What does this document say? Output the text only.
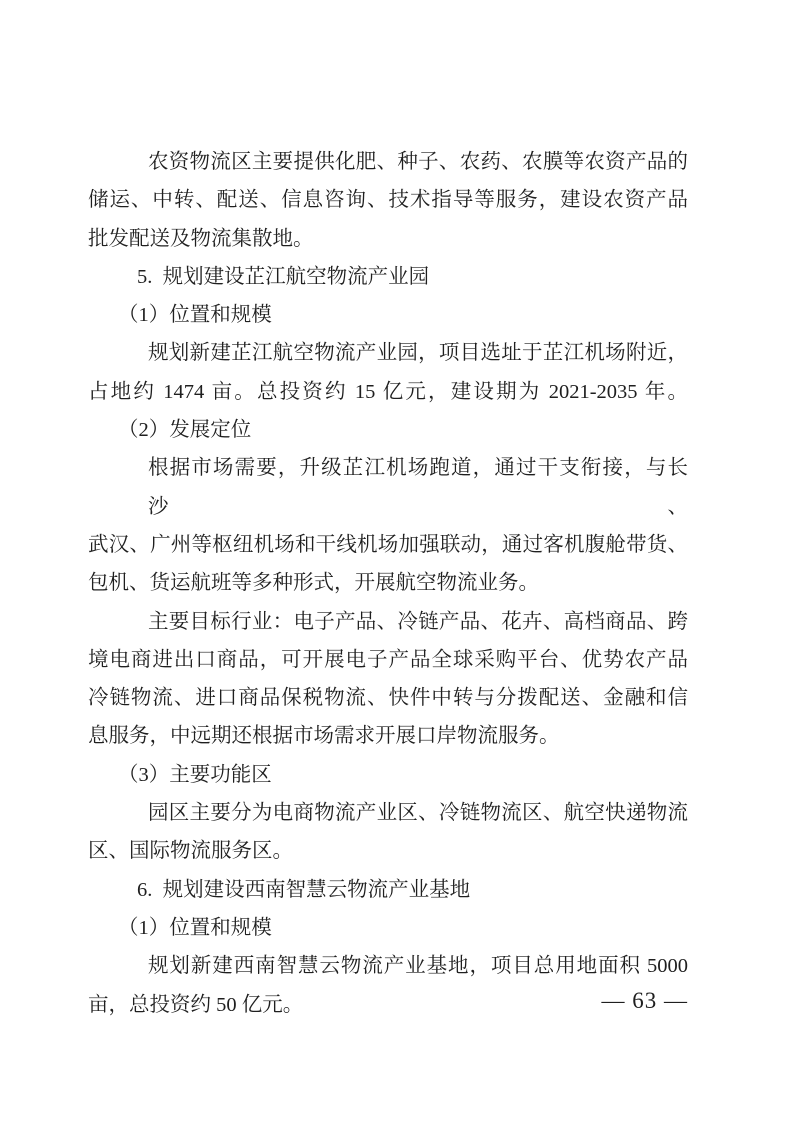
农资物流区主要提供化肥、种子、农药、农膜等农资产品的
储运、中转、配送、信息咨询、技术指导等服务，建设农资产品
批发配送及物流集散地。
5.  规划建设芷江航空物流产业园
（1）位置和规模
规划新建芷江航空物流产业园，项目选址于芷江机场附近，
占地约 1474 亩。总投资约 15 亿元，建设期为 2021-2035 年。
（2）发展定位
根据市场需要，升级芷江机场跑道，通过干支衔接，与长沙、
武汉、广州等枢纽机场和干线机场加强联动，通过客机腹舱带货、
包机、货运航班等多种形式，开展航空物流业务。
主要目标行业：电子产品、冷链产品、花卉、高档商品、跨
境电商进出口商品，可开展电子产品全球采购平台、优势农产品
冷链物流、进口商品保税物流、快件中转与分拨配送、金融和信
息服务，中远期还根据市场需求开展口岸物流服务。
（3）主要功能区
园区主要分为电商物流产业区、冷链物流区、航空快递物流
区、国际物流服务区。
6.  规划建设西南智慧云物流产业基地
（1）位置和规模
规划新建西南智慧云物流产业基地，项目总用地面积 5000
亩，总投资约 50 亿元。	— 63 —
